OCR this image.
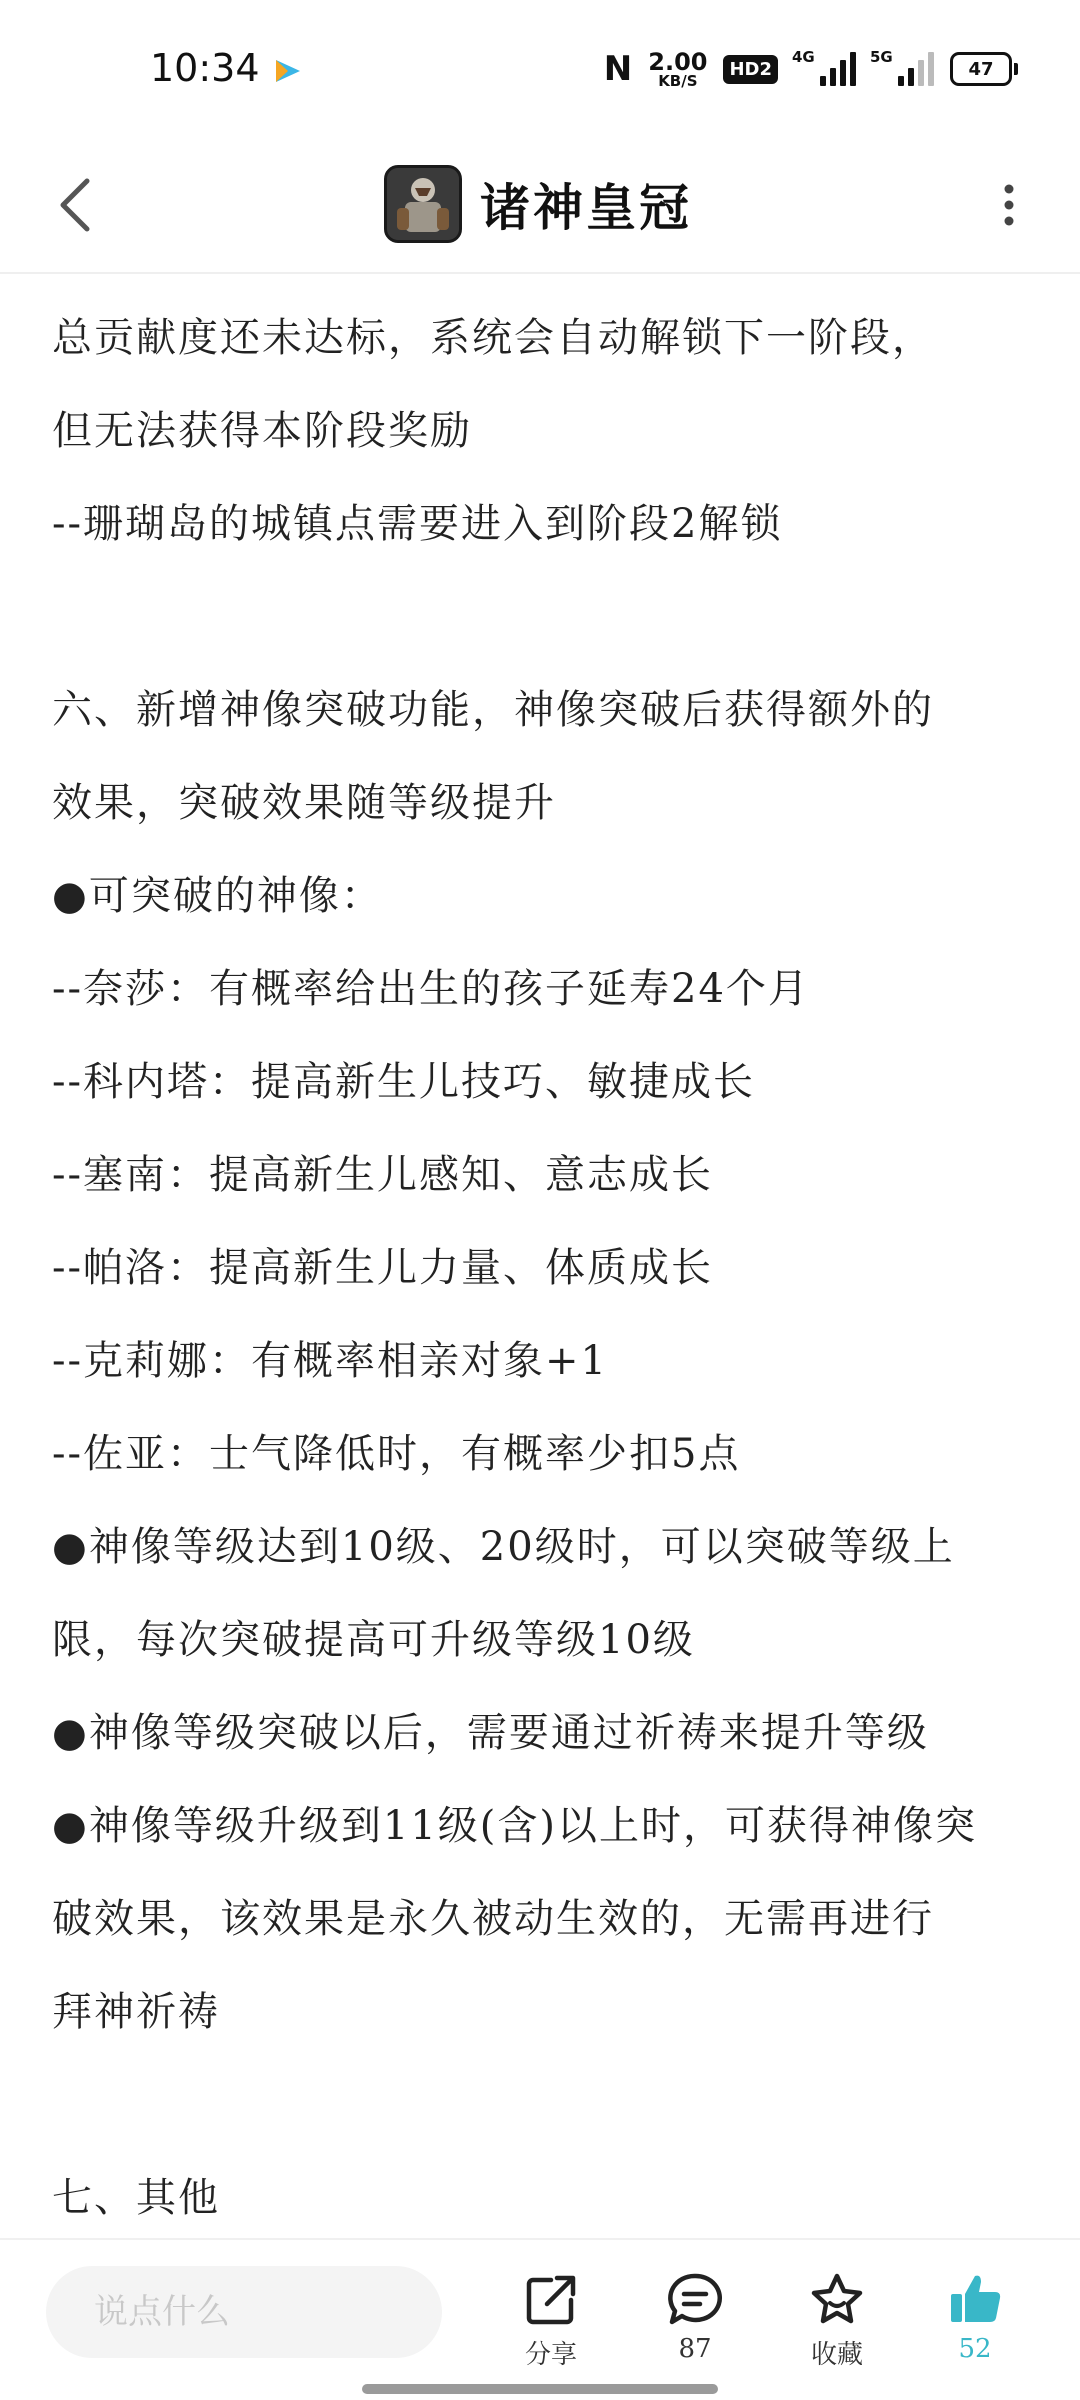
10:34	N 2.00
KB/S
HD2
4G	5G
47
诸神皇冠
总贡献度还未达标，系统会自动解锁下一阶段，
但无法获得本阶段奖励
--珊瑚岛的城镇点需要进入到阶段2解锁
六、新增神像突破功能，神像突破后获得额外的
效果，突破效果随等级提升
●可突破的神像：
--奈莎：有概率给出生的孩子延寿24个月
--科内塔：提高新生儿技巧、敏捷成长
--塞南：提高新生儿感知、意志成长
--帕洛：提高新生儿力量、体质成长
--克莉娜：有概率相亲对象+1
--佐亚：士气降低时，有概率少扣5点
●神像等级达到10级、20级时，可以突破等级上
限，每次突破提高可升级等级10级
●神像等级突破以后，需要通过祈祷来提升等级
●神像等级升级到11级(含)以上时，可获得神像突
破效果，该效果是永久被动生效的，无需再进行
拜神祈祷
七、其他
说点什么
分享	87	收藏	52
